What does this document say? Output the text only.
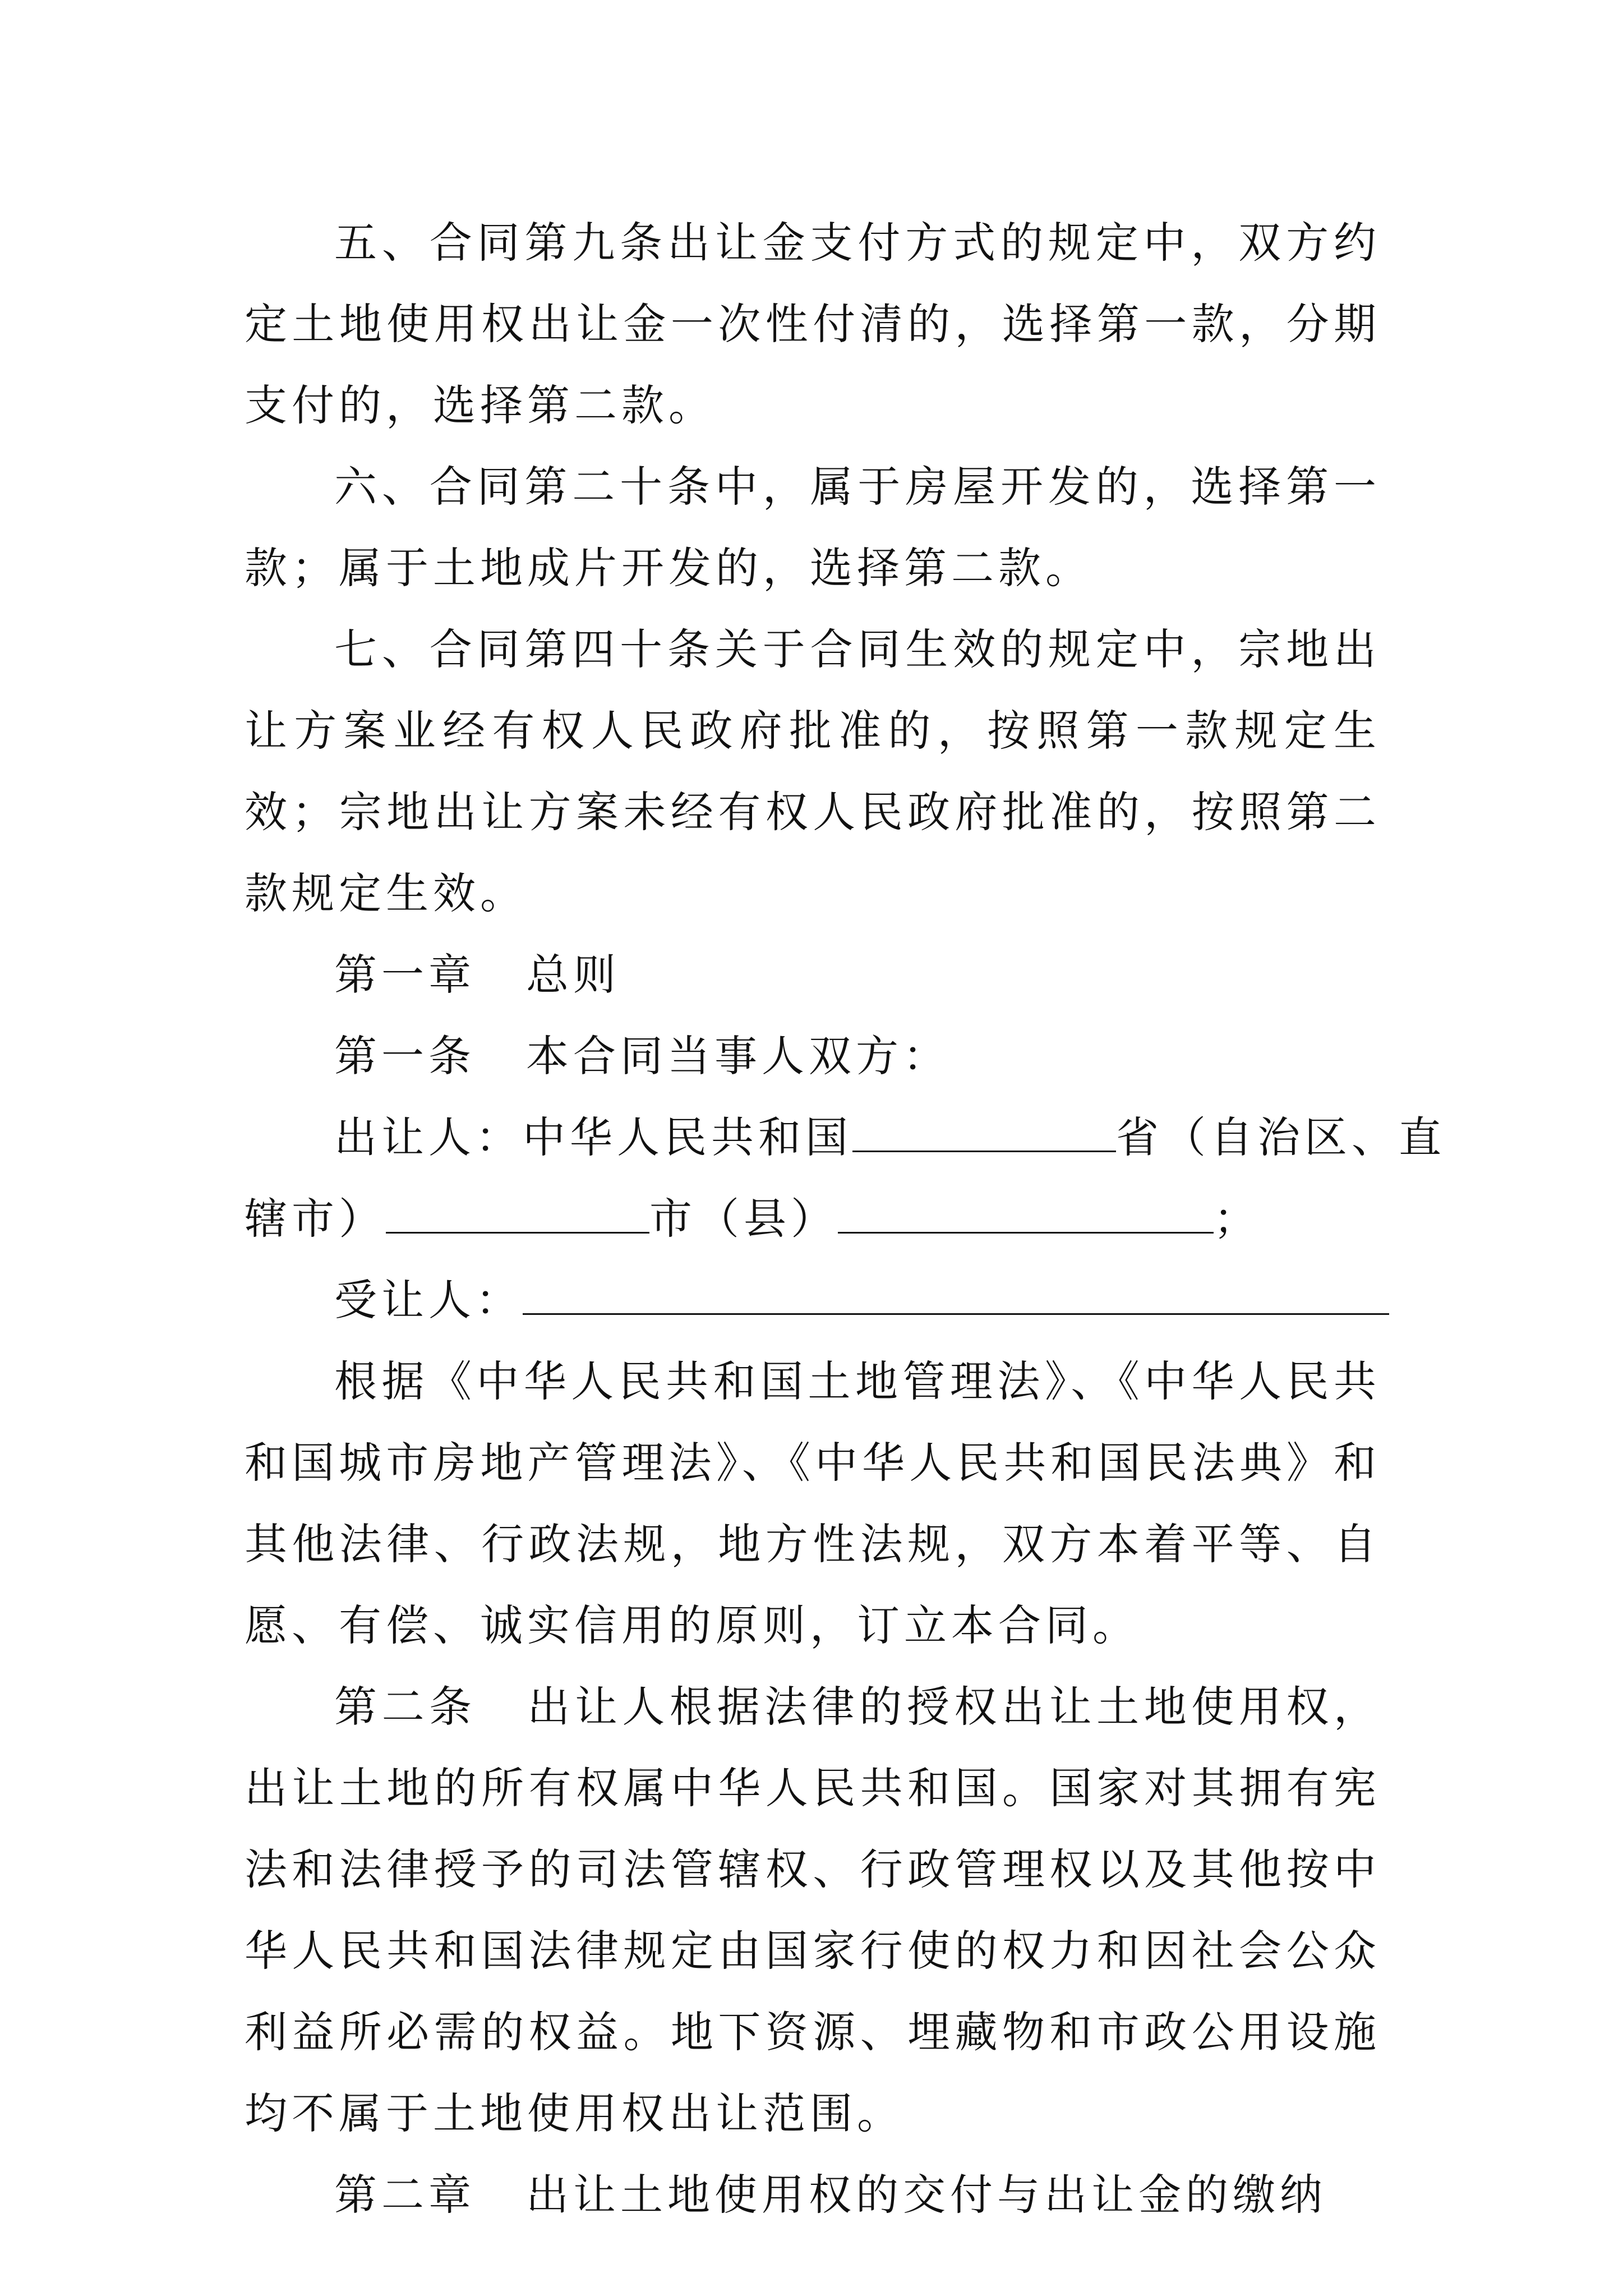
五、合同第九条出让金支付方式的规定中，双方约定土地使用权出让金一次性付清的，选择第一款，分期支付的，选择第二款。

六、合同第二十条中，属于房屋开发的，选择第一款；属于土地成片开发的，选择第二款。

七、合同第四十条关于合同生效的规定中，宗地出让方案业经有权人民政府批准的，按照第一款规定生效；宗地出让方案未经有权人民政府批准的，按照第二款规定生效。

第一章 总则

第一条 本合同当事人双方：

出让人：中华人民共和国	省（自治区、直

辖市）	市（县）	；

受让人：

根据《中华人民共和国土地管理法》、《中华人民共和国城市房地产管理法》、《中华人民共和国民法典》和其他法律、行政法规，地方性法规，双方本着平等、自愿、有偿、诚实信用的原则，订立本合同。

第二条 出让人根据法律的授权出让土地使用权，出让土地的所有权属中华人民共和国。国家对其拥有宪法和法律授予的司法管辖权、行政管理权以及其他按中华人民共和国法律规定由国家行使的权力和因社会公众利益所必需的权益。地下资源、埋藏物和市政公用设施均不属于土地使用权出让范围。

第二章 出让土地使用权的交付与出让金的缴纳
